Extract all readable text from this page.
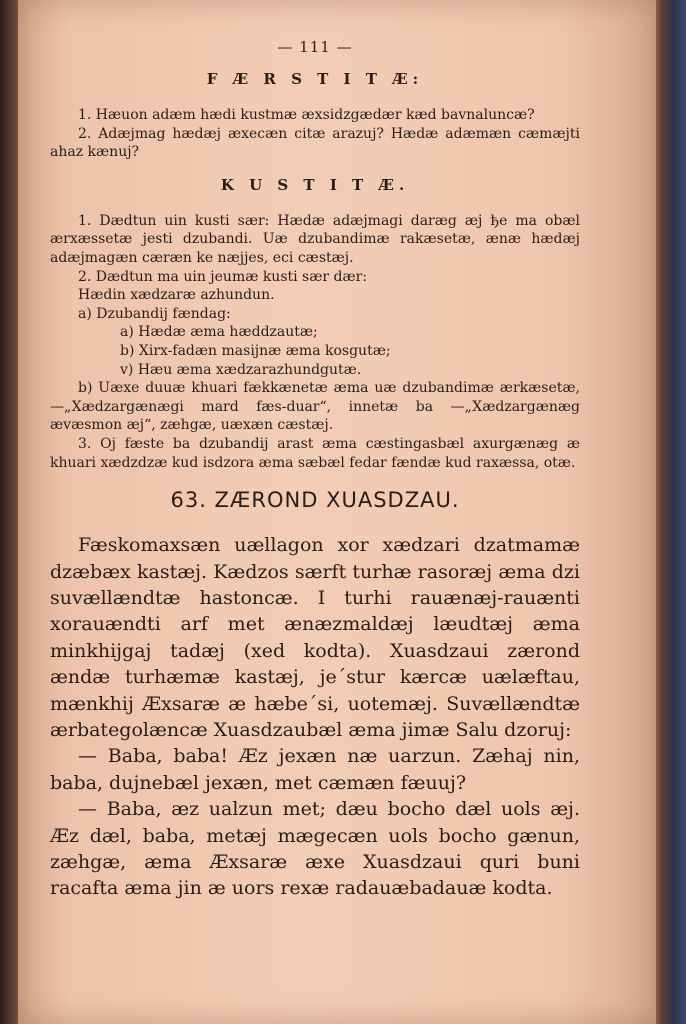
— 111 —
F Æ R S T I T Æ:

1. Hæuon adæm hædi kustmæ æxsidzgædær kæd bavnaluncæ?

2. Adæjmag hædæj æxecæn citæ arazuj? Hædæ adæmæn cæmæjti ahaz kænuj?

K U S T I T Æ.

1. Dædtun uin kusti sær: Hædæ adæjmagi daræg æj ђe ma obæl ærxæssetæ jesti dzubandi. Uæ dzubandimæ rakæsetæ, ænæ hædæj adæjmagæn cæræn ke næjjes, eci cæstæj.

2. Dædtun ma uin jeumæ kusti sær dær:

Hædin xædzaræ azhundun.

a) Dzubandij fændag:

a) Hædæ æma hæddzautæ;

b) Xirx-fadæn masijnæ æma kosgutæ;

v) Hæu æma xædzarazhundgutæ.

b) Uæxe duuæ khuari fækkænetæ æma uæ dzubandimæ ærkæsetæ, —„Xædzargænægi mard fæs-duar“, innetæ ba —„Xædzargænæg ævæsmon æj“, zæhgæ, uæxæn cæstæj.

3. Oj fæste ba dzubandij arast æma cæstingasbæl axurgænæg æ khuari xædzdzæ kud isdzora æma sæbæl fedar fændæ kud raxæssa, otæ.

63. ZÆROND XUASDZAU.

Fæskomaxsæn uællagon xor xædzari dzatmamæ dzæbæx kastæj. Kædzos særft turhæ rasoræj æma dzi suvællændtæ hastoncæ. I turhi rauænæj-rauænti xorauændti arf met ænæzmaldæj læudtæj æma minkhijgaj tadæj (xed kodta). Xuasdzaui zærond ændæ turhæmæ kastæj, je´stur kærcæ uælæftau, mænkhij Æxsaræ æ hæbe´si, uotemæj. Suvællændtæ ærbategolæncæ Xuasdzaubæl æma jimæ Salu dzoruj:

— Baba, baba! Æz jexæn næ uarzun. Zæhaj nin, baba, dujnebæl jexæn, met cæmæn fæuuj?

— Baba, æz ualzun met; dæu bocho dæl uols æj. Æz dæl, baba, metæj mægecæn uols bocho gænun, zæhgæ, æma Æxsaræ æxe Xuasdzaui quri buni racafta æma jin æ uors rexæ radauæbadauæ kodta.
